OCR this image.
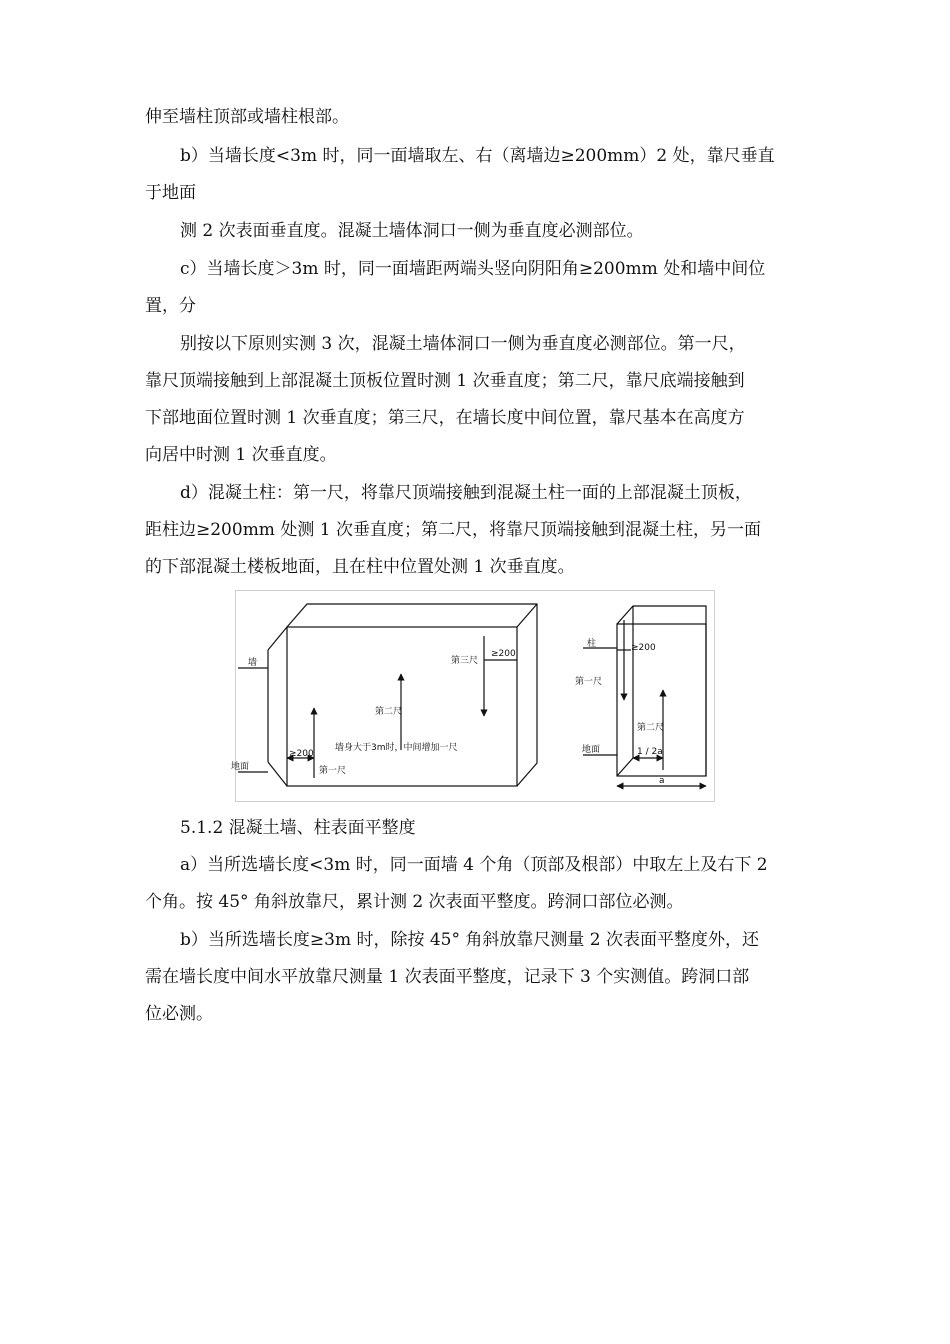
伸至墙柱顶部或墙柱根部。
b）当墙长度<3m 时，同一面墙取左、右（离墙边≥200mm）2 处，靠尺垂直
于地面
测 2 次表面垂直度。混凝土墙体洞口一侧为垂直度必测部位。
c）当墙长度＞3m 时，同一面墙距两端头竖向阴阳角≥200mm 处和墙中间位
置，分
别按以下原则实测 3 次，混凝土墙体洞口一侧为垂直度必测部位。第一尺，
靠尺顶端接触到上部混凝土顶板位置时测 1 次垂直度；第二尺，靠尺底端接触到
下部地面位置时测 1 次垂直度；第三尺，在墙长度中间位置，靠尺基本在高度方
向居中时测 1 次垂直度。
d）混凝土柱：第一尺，将靠尺顶端接触到混凝土柱一面的上部混凝土顶板，
距柱边≥200mm 处测 1 次垂直度；第二尺，将靠尺顶端接触到混凝土柱，另一面
的下部混凝土楼板地面，且在柱中位置处测 1 次垂直度。
墙
地面
≥200
第一尺
第二尺
第三尺
≥200
墙身大于3m时，中间增加一尺
柱
地面
第一尺
第二尺
≥200
1 / 2a
a
5.1.2 混凝土墙、柱表面平整度
a）当所选墙长度<3m 时，同一面墙 4 个角（顶部及根部）中取左上及右下 2
个角。按 45° 角斜放靠尺，累计测 2 次表面平整度。跨洞口部位必测。
b）当所选墙长度≥3m 时，除按 45° 角斜放靠尺测量 2 次表面平整度外，还
需在墙长度中间水平放靠尺测量 1 次表面平整度，记录下 3 个实测值。跨洞口部
位必测。
